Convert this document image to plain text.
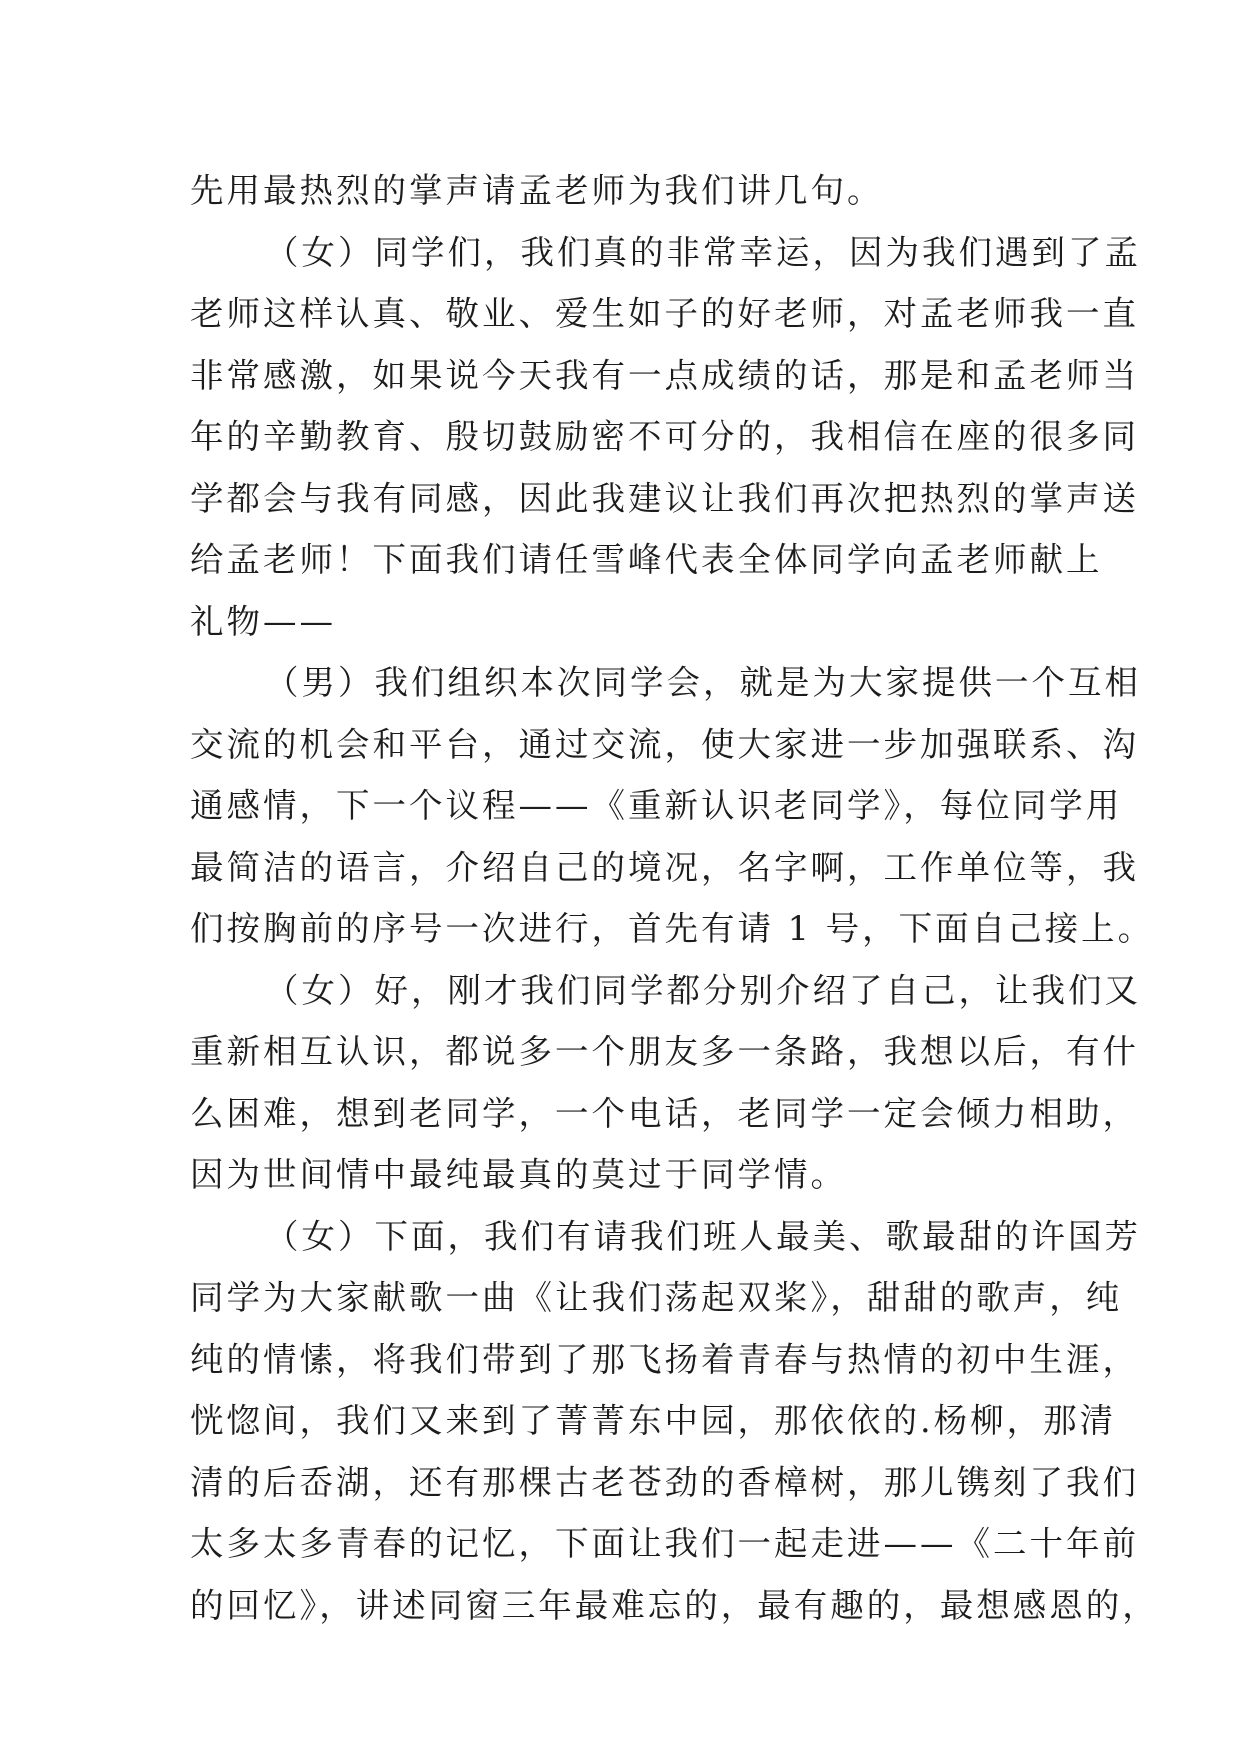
先用最热烈的掌声请孟老师为我们讲几句。
（女）同学们，我们真的非常幸运，因为我们遇到了孟
老师这样认真、敬业、爱生如子的好老师，对孟老师我一直
非常感激，如果说今天我有一点成绩的话，那是和孟老师当
年的辛勤教育、殷切鼓励密不可分的，我相信在座的很多同
学都会与我有同感，因此我建议让我们再次把热烈的掌声送
给孟老师！下面我们请任雪峰代表全体同学向孟老师献上
礼物——
（男）我们组织本次同学会，就是为大家提供一个互相
交流的机会和平台，通过交流，使大家进一步加强联系、沟
通感情，下一个议程——《重新认识老同学》，每位同学用
最简洁的语言，介绍自己的境况，名字啊，工作单位等，我
们按胸前的序号一次进行，首先有请 1 号，下面自己接上。
（女）好，刚才我们同学都分别介绍了自己，让我们又
重新相互认识，都说多一个朋友多一条路，我想以后，有什
么困难，想到老同学，一个电话，老同学一定会倾力相助，
因为世间情中最纯最真的莫过于同学情。
（女）下面，我们有请我们班人最美、歌最甜的许国芳
同学为大家献歌一曲《让我们荡起双桨》，甜甜的歌声，纯
纯的情愫，将我们带到了那飞扬着青春与热情的初中生涯，
恍惚间，我们又来到了菁菁东中园，那依依的.杨柳，那清
清的后岙湖，还有那棵古老苍劲的香樟树，那儿镌刻了我们
太多太多青春的记忆，下面让我们一起走进——《二十年前
的回忆》，讲述同窗三年最难忘的，最有趣的，最想感恩的，
